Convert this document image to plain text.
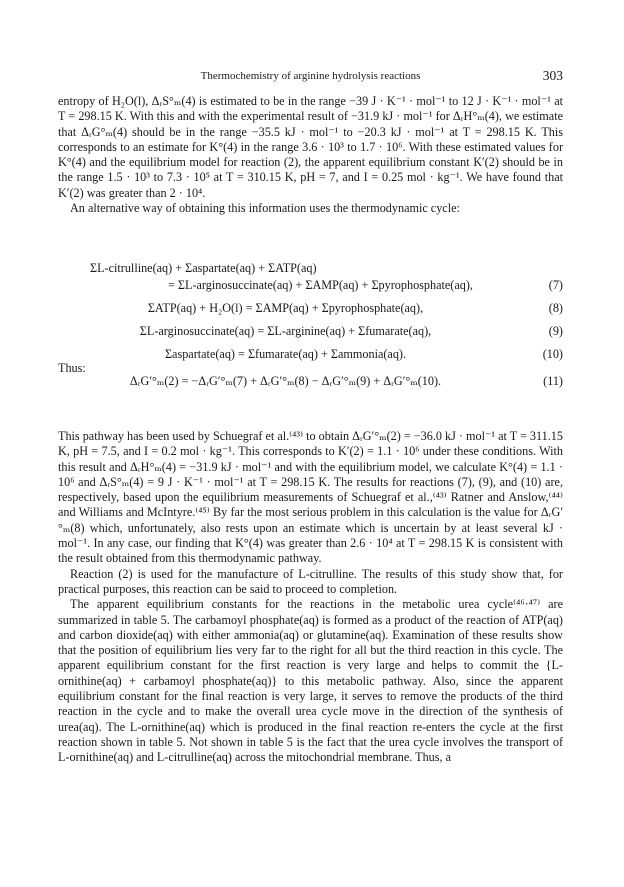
Thermochemistry of arginine hydrolysis reactions	303

entropy of H₂O(l), ΔᵣS°ₘ(4) is estimated to be in the range −39 J · K⁻¹ · mol⁻¹ to 12 J · K⁻¹ · mol⁻¹ at T = 298.15 K. With this and with the experimental result of −31.9 kJ · mol⁻¹ for ΔᵣH°ₘ(4), we estimate that ΔᵣG°ₘ(4) should be in the range −35.5 kJ · mol⁻¹ to −20.3 kJ · mol⁻¹ at T = 298.15 K. This corresponds to an estimate for K°(4) in the range 3.6 · 10³ to 1.7 · 10⁶. With these estimated values for K°(4) and the equilibrium model for reaction (2), the apparent equilibrium constant K′(2) should be in the range 1.5 · 10³ to 7.3 · 10⁵ at T = 310.15 K, pH = 7, and I = 0.25 mol · kg⁻¹. We have found that K′(2) was greater than 2 · 10⁴.

An alternative way of obtaining this information uses the thermodynamic cycle:

ΣL-citrulline(aq) + Σaspartate(aq) + ΣATP(aq)
= ΣL-arginosuccinate(aq) + ΣAMP(aq) + Σpyrophosphate(aq),	(7)
ΣATP(aq) + H₂O(l) = ΣAMP(aq) + Σpyrophosphate(aq),	(8)
ΣL-arginosuccinate(aq) = ΣL-arginine(aq) + Σfumarate(aq),	(9)
Σaspartate(aq) = Σfumarate(aq) + Σammonia(aq).	(10)
Thus:
ΔᵣG′°ₘ(2) = −ΔᵣG′°ₘ(7) + ΔᵣG′°ₘ(8) − ΔᵣG′°ₘ(9) + ΔᵣG′°ₘ(10).	(11)

This pathway has been used by Schuegraf et al.⁽⁴³⁾ to obtain ΔᵣG′°ₘ(2) = −36.0 kJ · mol⁻¹ at T = 311.15 K, pH = 7.5, and I = 0.2 mol · kg⁻¹. This corresponds to K′(2) = 1.1 · 10⁶ under these conditions. With this result and ΔᵣH°ₘ(4) = −31.9 kJ · mol⁻¹ and with the equilibrium model, we calculate K°(4) = 1.1 · 10⁶ and ΔᵣS°ₘ(4) = 9 J · K⁻¹ · mol⁻¹ at T = 298.15 K. The results for reactions (7), (9), and (10) are, respectively, based upon the equilibrium measurements of Schuegraf et al.,⁽⁴³⁾ Ratner and Anslow,⁽⁴⁴⁾ and Williams and McIntyre.⁽⁴⁵⁾ By far the most serious problem in this calculation is the value for ΔᵣG′°ₘ(8) which, unfortunately, also rests upon an estimate which is uncertain by at least several kJ · mol⁻¹. In any case, our finding that K°(4) was greater than 2.6 · 10⁴ at T = 298.15 K is consistent with the result obtained from this thermodynamic pathway.

Reaction (2) is used for the manufacture of L-citrulline. The results of this study show that, for practical purposes, this reaction can be said to proceed to completion.

The apparent equilibrium constants for the reactions in the metabolic urea cycle⁽⁴⁶·⁴⁷⁾ are summarized in table 5. The carbamoyl phosphate(aq) is formed as a product of the reaction of ATP(aq) and carbon dioxide(aq) with either ammonia(aq) or glutamine(aq). Examination of these results show that the position of equilibrium lies very far to the right for all but the third reaction in this cycle. The apparent equilibrium constant for the first reaction is very large and helps to commit the {L-ornithine(aq) + carbamoyl phosphate(aq)} to this metabolic pathway. Also, since the apparent equilibrium constant for the final reaction is very large, it serves to remove the products of the third reaction in the cycle and to make the overall urea cycle move in the direction of the synthesis of urea(aq). The L-ornithine(aq) which is produced in the final reaction re-enters the cycle at the first reaction shown in table 5. Not shown in table 5 is the fact that the urea cycle involves the transport of L-ornithine(aq) and L-citrulline(aq) across the mitochondrial membrane. Thus, a
